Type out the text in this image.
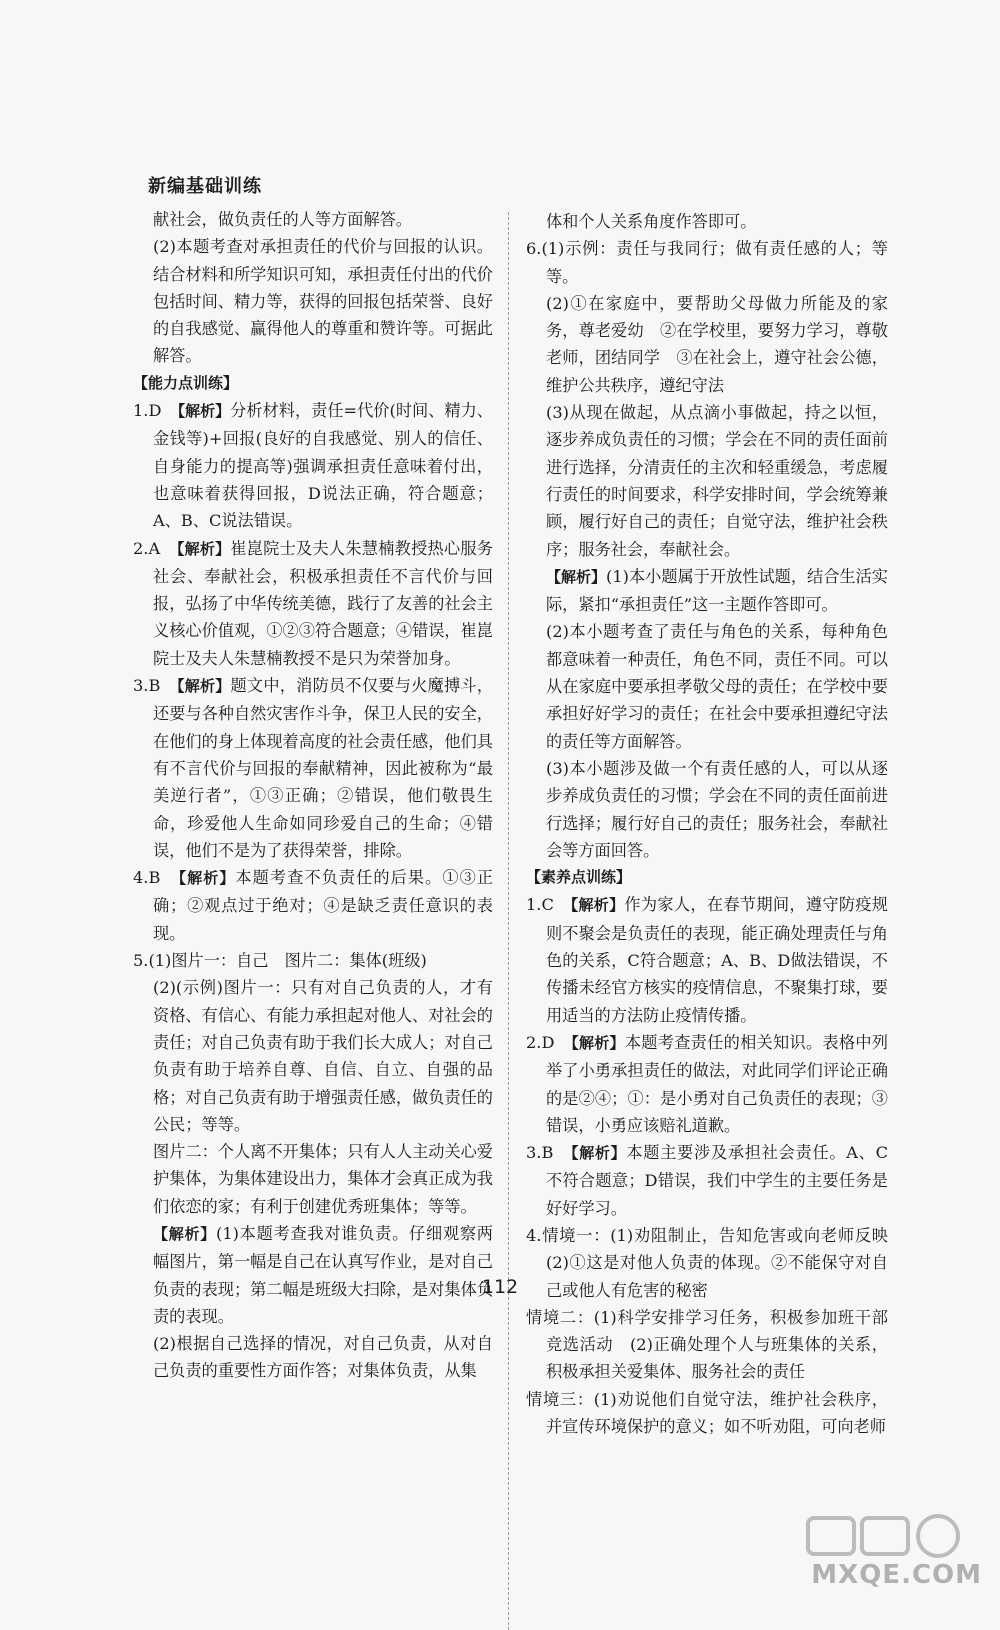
新编基础训练

献社会，做负责任的人等方面解答。

(2)本题考查对承担责任的代价与回报的认识。结合材料和所学知识可知，承担责任付出的代价包括时间、精力等，获得的回报包括荣誉、良好的自我感觉、赢得他人的尊重和赞许等。可据此解答。

【能力点训练】

1.D　 【解析】分析材料，责任=代价(时间、精力、金钱等)+回报(良好的自我感觉、别人的信任、自身能力的提高等)强调承担责任意味着付出，也意味着获得回报，D说法正确，符合题意；A、B、C说法错误。

2.A　 【解析】崔崑院士及夫人朱慧楠教授热心服务社会、奉献社会，积极承担责任不言代价与回报，弘扬了中华传统美德，践行了友善的社会主义核心价值观，①②③符合题意；④错误，崔崑院士及夫人朱慧楠教授不是只为荣誉加身。

3.B　 【解析】题文中，消防员不仅要与火魔搏斗，还要与各种自然灾害作斗争，保卫人民的安全，在他们的身上体现着高度的社会责任感，他们具有不言代价与回报的奉献精神，因此被称为“最美逆行者”，①③正确；②错误，他们敬畏生命，珍爱他人生命如同珍爱自己的生命；④错误，他们不是为了获得荣誉，排除。

4.B　 【解析】本题考查不负责任的后果。①③正确；②观点过于绝对；④是缺乏责任意识的表现。

5.(1)图片一：自己　图片二：集体(班级)

(2)(示例)图片一：只有对自己负责的人，才有资格、有信心、有能力承担起对他人、对社会的责任；对自己负责有助于我们长大成人；对自己负责有助于培养自尊、自信、自立、自强的品格；对自己负责有助于增强责任感，做负责任的公民；等等。

图片二：个人离不开集体；只有人人主动关心爱护集体，为集体建设出力，集体才会真正成为我们依恋的家；有利于创建优秀班集体；等等。

【解析】(1)本题考查我对谁负责。仔细观察两幅图片，第一幅是自己在认真写作业，是对自己负责的表现；第二幅是班级大扫除，是对集体负责的表现。

(2)根据自己选择的情况，对自己负责，从对自己负责的重要性方面作答；对集体负责，从集

体和个人关系角度作答即可。

6.(1)示例：责任与我同行；做有责任感的人；等等。

(2)①在家庭中，要帮助父母做力所能及的家务，尊老爱幼　②在学校里，要努力学习，尊敬老师，团结同学　③在社会上，遵守社会公德，维护公共秩序，遵纪守法

(3)从现在做起，从点滴小事做起，持之以恒，逐步养成负责任的习惯；学会在不同的责任面前进行选择，分清责任的主次和轻重缓急，考虑履行责任的时间要求，科学安排时间，学会统筹兼顾，履行好自己的责任；自觉守法，维护社会秩序；服务社会，奉献社会。

【解析】(1)本小题属于开放性试题，结合生活实际，紧扣“承担责任”这一主题作答即可。

(2)本小题考查了责任与角色的关系，每种角色都意味着一种责任，角色不同，责任不同。可以从在家庭中要承担孝敬父母的责任；在学校中要承担好好学习的责任；在社会中要承担遵纪守法的责任等方面解答。

(3)本小题涉及做一个有责任感的人，可以从逐步养成负责任的习惯；学会在不同的责任面前进行选择；履行好自己的责任；服务社会，奉献社会等方面回答。

【素养点训练】

1.C　 【解析】作为家人，在春节期间，遵守防疫规则不聚会是负责任的表现，能正确处理责任与角色的关系，C符合题意；A、B、D做法错误，不传播未经官方核实的疫情信息，不聚集打球，要用适当的方法防止疫情传播。

2.D　 【解析】本题考查责任的相关知识。表格中列举了小勇承担责任的做法，对此同学们评论正确的是②④；①：是小勇对自己负责任的表现；③错误，小勇应该赔礼道歉。

3.B　 【解析】本题主要涉及承担社会责任。A、C不符合题意；D错误，我们中学生的主要任务是好好学习。

4.情境一：(1)劝阻制止，告知危害或向老师反映　(2)①这是对他人负责的体现。②不能保守对自己或他人有危害的秘密

情境二：(1)科学安排学习任务，积极参加班干部竞选活动　(2)正确处理个人与班集体的关系，积极承担关爱集体、服务社会的责任

情境三：(1)劝说他们自觉守法，维护社会秩序，并宣传环境保护的意义；如不听劝阻，可向老师

112
MXQE.COM
